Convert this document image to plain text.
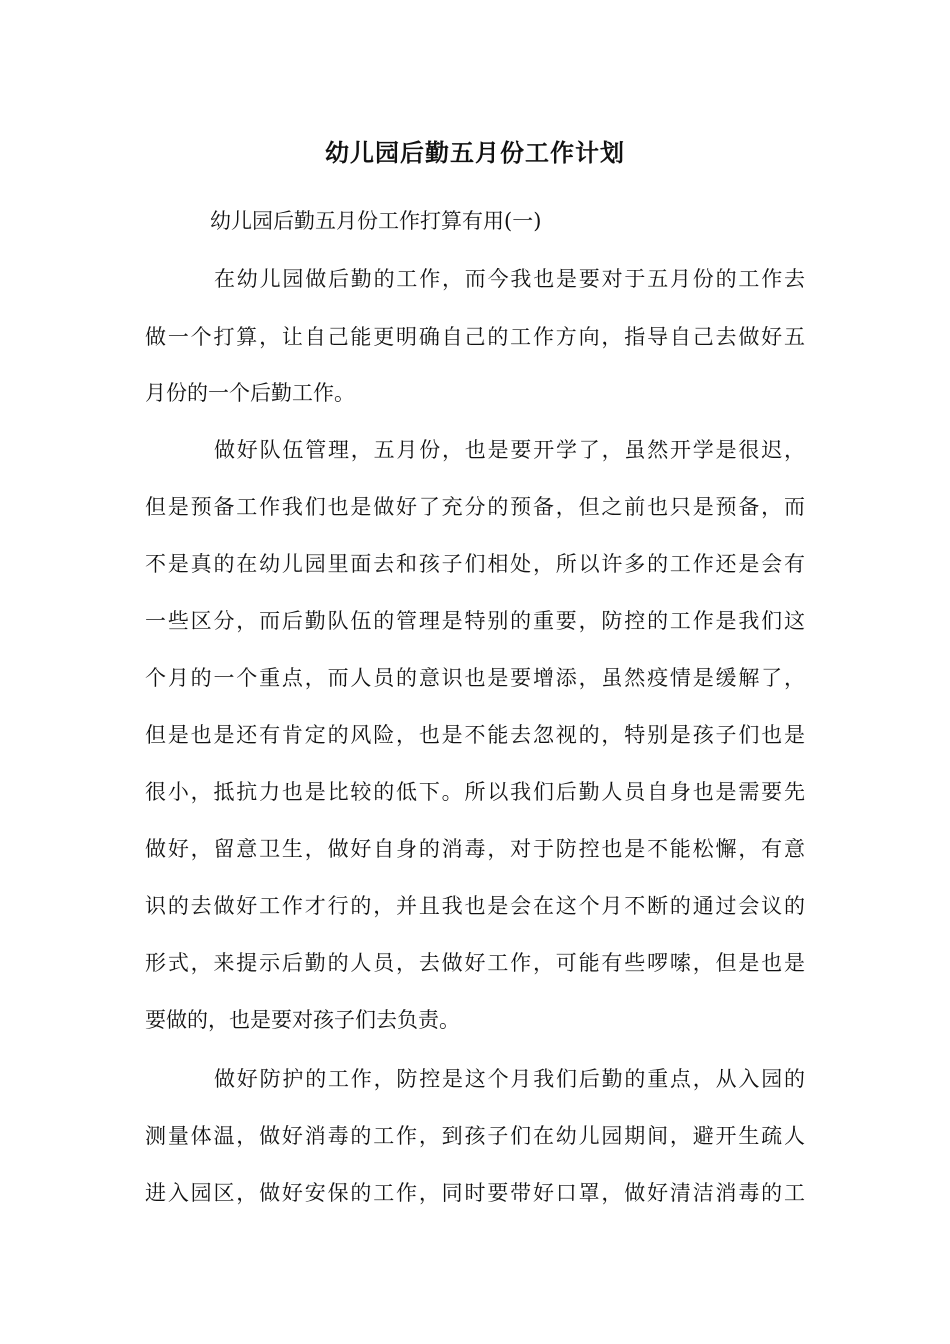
幼儿园后勤五月份工作计划
幼儿园后勤五月份工作打算有用(一)
在幼儿园做后勤的工作，而今我也是要对于五月份的工作去
做一个打算，让自己能更明确自己的工作方向，指导自己去做好五
月份的一个后勤工作。
做好队伍管理，五月份，也是要开学了，虽然开学是很迟，
但是预备工作我们也是做好了充分的预备，但之前也只是预备，而
不是真的在幼儿园里面去和孩子们相处，所以许多的工作还是会有
一些区分，而后勤队伍的管理是特别的重要，防控的工作是我们这
个月的一个重点，而人员的意识也是要增添，虽然疫情是缓解了，
但是也是还有肯定的风险，也是不能去忽视的，特别是孩子们也是
很小，抵抗力也是比较的低下。所以我们后勤人员自身也是需要先
做好，留意卫生，做好自身的消毒，对于防控也是不能松懈，有意
识的去做好工作才行的，并且我也是会在这个月不断的通过会议的
形式，来提示后勤的人员，去做好工作，可能有些啰嗦，但是也是
要做的，也是要对孩子们去负责。
做好防护的工作，防控是这个月我们后勤的重点，从入园的
测量体温，做好消毒的工作，到孩子们在幼儿园期间，避开生疏人
进入园区，做好安保的工作，同时要带好口罩，做好清洁消毒的工
